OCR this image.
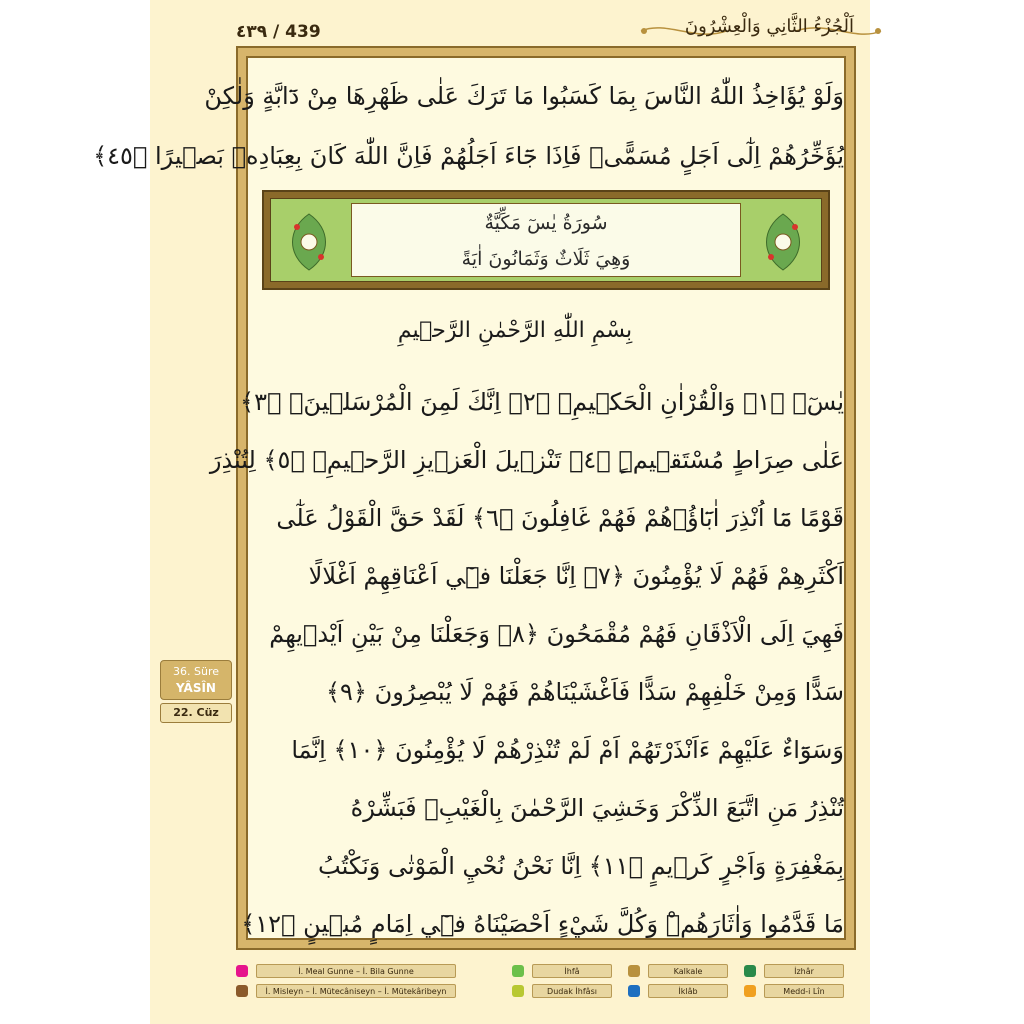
٤٣٩ / 439	اَلْجُزْءُ الثَّانِي وَالْعِشْرُونَ
وَلَوْ يُؤَاخِذُ اللّٰهُ النَّاسَ بِمَا كَسَبُوا مَا تَرَكَ عَلٰى ظَهْرِهَا مِنْ دَٓابَّةٍ وَلٰكِنْ
يُؤَخِّرُهُمْ اِلٰٓى اَجَلٍ مُسَمًّىۚ فَاِذَا جَٓاءَ اَجَلُهُمْ فَاِنَّ اللّٰهَ كَانَ بِعِبَادِه۪ بَص۪يرًا ﴿٤٥﴾
سُورَةُ يٰسٓ مَكِّيَّةٌ
وَهِيَ ثَلَاثٌ وَثَمَانُونَ اٰيَةً
بِسْمِ اللّٰهِ الرَّحْمٰنِ الرَّح۪يمِ
يٰسٓۚ ﴿١﴾ وَالْقُرْاٰنِ الْحَك۪يمِۙ ﴿٢﴾ اِنَّكَ لَمِنَ الْمُرْسَل۪ينَۙ ﴿٣﴾
عَلٰى صِرَاطٍ مُسْتَق۪يمٍۜ ﴿٤﴾ تَنْز۪يلَ الْعَز۪يزِ الرَّح۪يمِۙ ﴿٥﴾ لِتُنْذِرَ
قَوْمًا مَٓا اُنْذِرَ اٰبَٓاؤُ۬هُمْ فَهُمْ غَافِلُونَ ﴿٦﴾ لَقَدْ حَقَّ الْقَوْلُ عَلٰٓى
اَكْثَرِهِمْ فَهُمْ لَا يُؤْمِنُونَ ﴿٧﴾ اِنَّا جَعَلْنَا ف۪ٓي اَعْنَاقِهِمْ اَغْلَالًا
فَهِيَ اِلَى الْاَذْقَانِ فَهُمْ مُقْمَحُونَ ﴿٨﴾ وَجَعَلْنَا مِنْ بَيْنِ اَيْد۪يهِمْ
سَدًّا وَمِنْ خَلْفِهِمْ سَدًّا فَاَغْشَيْنَاهُمْ فَهُمْ لَا يُبْصِرُونَ ﴿٩﴾
وَسَوَٓاءٌ عَلَيْهِمْ ءَاَنْذَرْتَهُمْ اَمْ لَمْ تُنْذِرْهُمْ لَا يُؤْمِنُونَ ﴿١٠﴾ اِنَّمَا
تُنْذِرُ مَنِ اتَّبَعَ الذِّكْرَ وَخَشِيَ الرَّحْمٰنَ بِالْغَيْبِۚ فَبَشِّرْهُ
بِمَغْفِرَةٍ وَاَجْرٍ كَر۪يمٍ ﴿١١﴾ اِنَّا نَحْنُ نُحْيِ الْمَوْتٰى وَنَكْتُبُ
مَا قَدَّمُوا وَاٰثَارَهُمْۜ وَكُلَّ شَيْءٍ اَحْصَيْنَاهُ ف۪ٓي اِمَامٍ مُب۪ينٍ ﴿١٢﴾
36. Süre
YÂSÎN
22. Cüz
İ. Meal Gunne – İ. Bila Gunne	İhfâ	Kalkale	İzhâr
İ. Misleyn – İ. Mütecâniseyn – İ. Mütekâribeyn	Dudak İhfâsı	İklâb	Medd-i Lîn
